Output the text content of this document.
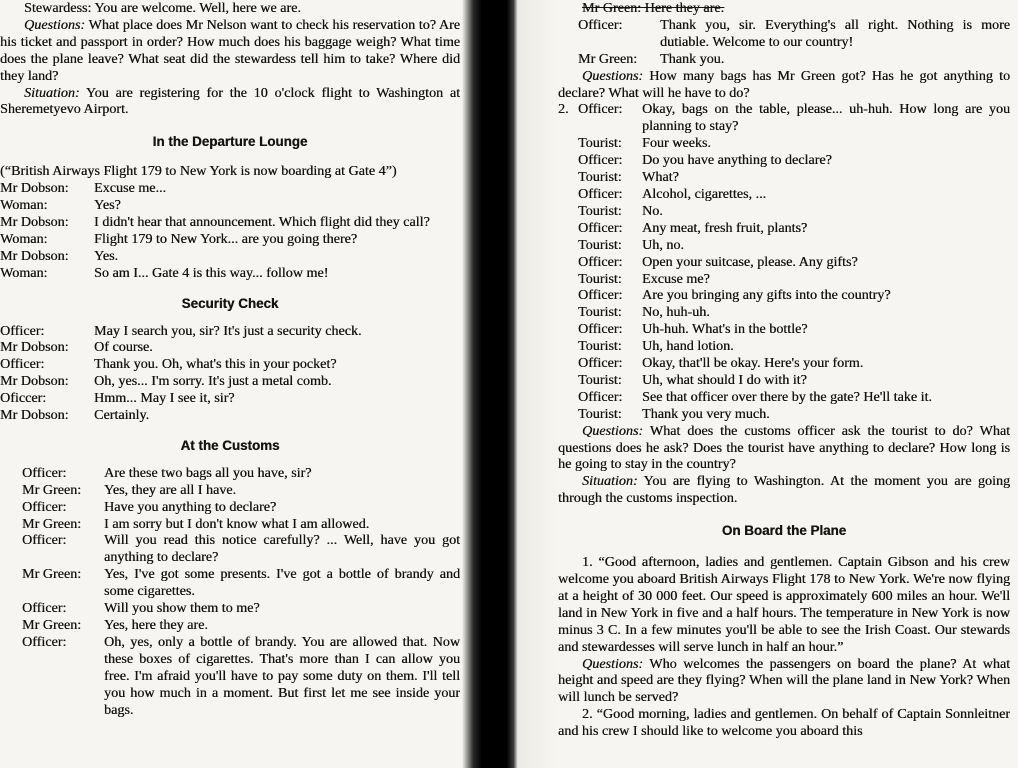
Stewardess: You are welcome. Well, here we are.

Questions: What place does Mr Nelson want to check his reservation to? Are his ticket and passport in order? How much does his baggage weigh? What time does the plane leave? What seat did the stewardess tell him to take? Where did they land?

Situation: You are registering for the 10 o'clock flight to Washington at Sheremetyevo Airport.

In the Departure Lounge

(“British Airways Flight 179 to New York is now boarding at Gate 4”)

Mr Dobson:	Excuse me...
Woman:	Yes?
Mr Dobson:	I didn't hear that announcement. Which flight did they call?
Woman:	Flight 179 to New York... are you going there?
Mr Dobson:	Yes.
Woman:	So am I... Gate 4 is this way... follow me!
Security Check
Officer:	May I search you, sir? It's just a security check.
Mr Dobson:	Of course.
Officer:	Thank you. Oh, what's this in your pocket?
Mr Dobson:	Oh, yes... I'm sorry. It's just a metal comb.
Oficcer:	Hmm... May I see it, sir?
Mr Dobson:	Certainly.
At the Customs
Officer:	Are these two bags all you have, sir?
Mr Green:	Yes, they are all I have.
Officer:	Have you anything to declare?
Mr Green:	I am sorry but I don't know what I am allowed.
Officer:	Will you read this notice carefully? ... Well, have you got anything to declare?
Mr Green:	Yes, I've got some presents. I've got a bottle of brandy and some cigarettes.
Officer:	Will you show them to me?
Mr Green:	Yes, here they are.
Officer:	Oh, yes, only a bottle of brandy. You are allowed that. Now these boxes of cigarettes. That's more than I can allow you free. I'm afraid you'll have to pay some duty on them. I'll tell you how much in a moment. But first let me see inside your bags.

Mr Green: Here they are.

Officer:	Thank you, sir. Everything's all right. Nothing is more dutiable. Welcome to our country!
Mr Green:	Thank you.

Questions: How many bags has Mr Green got? Has he got anything to declare? What will he have to do?

2. Officer:	Okay, bags on the table, please... uh-huh. How long are you planning to stay?
Tourist:	Four weeks.
Officer:	Do you have anything to declare?
Tourist:	What?
Officer:	Alcohol, cigarettes, ...
Tourist:	No.
Officer:	Any meat, fresh fruit, plants?
Tourist:	Uh, no.
Officer:	Open your suitcase, please. Any gifts?
Tourist:	Excuse me?
Officer:	Are you bringing any gifts into the country?
Tourist:	No, huh-uh.
Officer:	Uh-huh. What's in the bottle?
Tourist:	Uh, hand lotion.
Officer:	Okay, that'll be okay. Here's your form.
Tourist:	Uh, what should I do with it?
Officer:	See that officer over there by the gate? He'll take it.
Tourist:	Thank you very much.

Questions: What does the customs officer ask the tourist to do? What questions does he ask? Does the tourist have anything to declare? How long is he going to stay in the country?

Situation: You are flying to Washington. At the moment you are going through the customs inspection.

On Board the Plane

1. “Good afternoon, ladies and gentlemen. Captain Gibson and his crew welcome you aboard British Airways Flight 178 to New York. We're now flying at a height of 30 000 feet. Our speed is approximately 600 miles an hour. We'll land in New York in five and a half hours. The temperature in New York is now minus 3 C. In a few minutes you'll be able to see the Irish Coast. Our stewards and stewardesses will serve lunch in half an hour.”

Questions: Who welcomes the passengers on board the plane? At what height and speed are they flying? When will the plane land in New York? When will lunch be served?

2. “Good morning, ladies and gentlemen. On behalf of Captain Sonnleitner and his crew I should like to welcome you aboard this
